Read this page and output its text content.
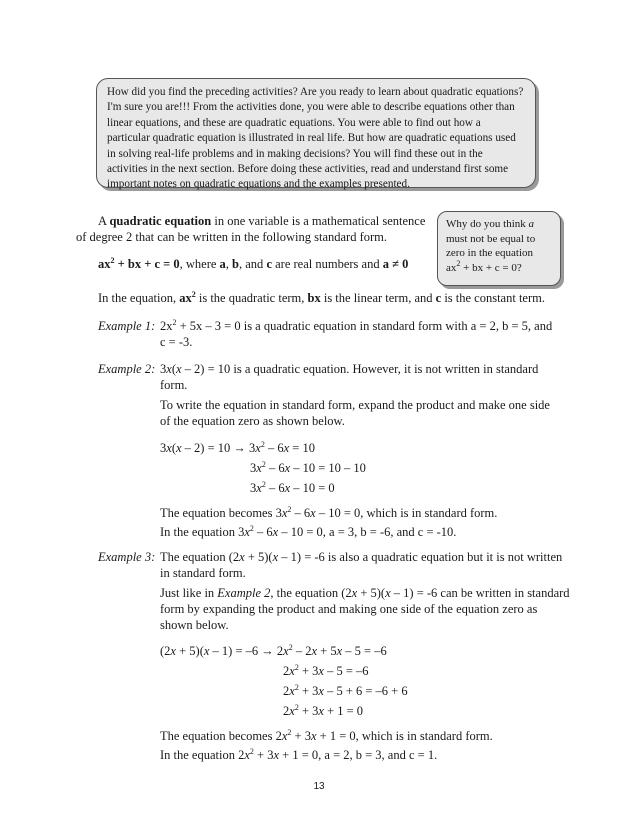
How did you find the preceding activities? Are you ready to learn about quadratic equations? I'm sure you are!!! From the activities done, you were able to describe equations other than linear equations, and these are quadratic equations. You were able to find out how a particular quadratic equation is illustrated in real life. But how are quadratic equations used in solving real-life problems and in making decisions? You will find these out in the activities in the next section. Before doing these activities, read and understand first some important notes on quadratic equations and the examples presented.

Why do you think a
must not be equal to
zero in the equation
$ax^2$ + bx + c = 0?
A quadratic equation in one variable is a mathematical sentence
of degree 2 that can be written in the following standard form.
$ax^2$ + bx + c = 0, where a, b, and c are real numbers and a ≠ 0
In the equation, $ax^2$ is the quadratic term, bx is the linear term, and c is the constant term.
Example 1: $2x^2 + 5x - 3 = 0$ is a quadratic equation in standard form with a = 2, b = 5, and
c = -3.
Example 2: 3x(x – 2) = 10 is a quadratic equation. However, it is not written in standard
form.
To write the equation in standard form, expand the product and make one side
of the equation zero as shown below.
$3x(x - 2) = 10 \to 3x^2 - 6x = 10$
$3x^2 - 6x - 10 = 10 - 10$
$3x^2 - 6x - 10 = 0$
The equation becomes $3x^2 - 6x - 10 = 0$, which is in standard form.
In the equation $3x^2 - 6x - 10 = 0$, a = 3, b = -6, and c = -10.
Example 3: The equation (2x + 5)(x – 1) = -6 is also a quadratic equation but it is not written
in standard form.
Just like in Example 2, the equation (2x + 5)(x – 1) = -6 can be written in standard
form by expanding the product and making one side of the equation zero as
shown below.
$(2x + 5)(x - 1) = -6 \to 2x^2 - 2x + 5x - 5 = -6$
$2x^2 + 3x - 5 = -6$
$2x^2 + 3x - 5 + 6 = -6 + 6$
$2x^2 + 3x + 1 = 0$
The equation becomes $2x^2 + 3x + 1 = 0$, which is in standard form.
In the equation $2x^2 + 3x + 1 = 0$, a = 2, b = 3, and c = 1.
13
